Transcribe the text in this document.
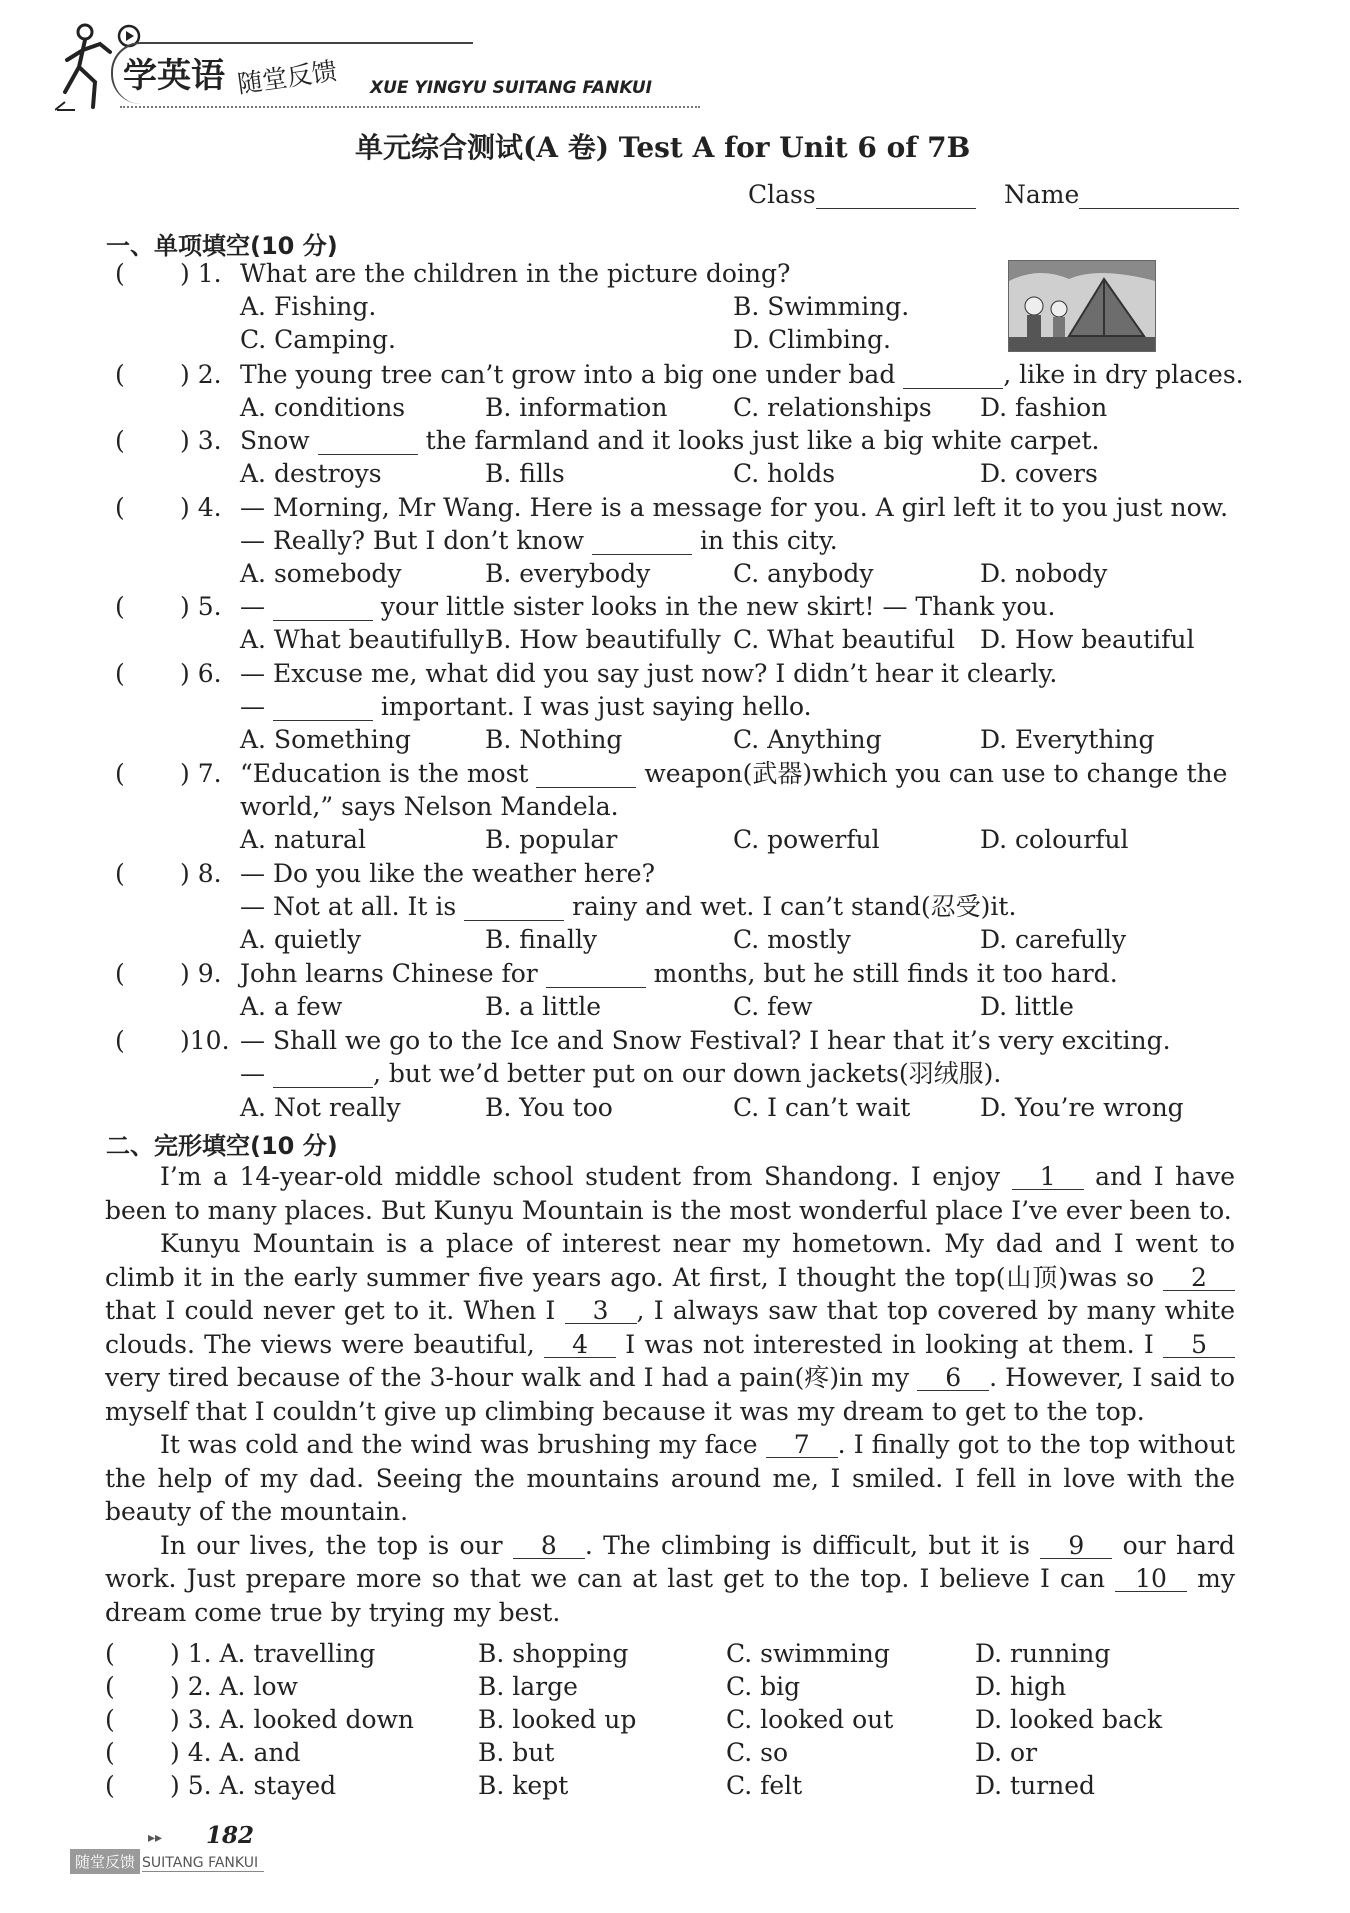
学英语 随堂反馈 XUE YINGYU SUITANG FANKUI
单元综合测试(A 卷) Test A for Unit 6 of 7B
Class	Name
一、单项填空(10 分)
( ) 1. What are the children in the picture doing?
A. Fishing.	B. Swimming.
C. Camping.	D. Climbing.
( ) 2. The young tree can’t grow into a big one under bad	, like in dry places.
A. conditions	B. information	C. relationships D. fashion
( ) 3. Snow	the farmland and it looks just like a big white carpet.
A. destroys	B. fills	C. holds	D. covers
( ) 4. — Morning, Mr Wang. Here is a message for you. A girl left it to you just now.
— Really? But I don’t know	in this city.
A. somebody	B. everybody	C. anybody	D. nobody
( ) 5. —	your little sister looks in the new skirt! — Thank you.
A. What beautifully B. How beautifully C. What beautiful D. How beautiful
( ) 6. — Excuse me, what did you say just now? I didn’t hear it clearly.
—	important. I was just saying hello.
A. Something	B. Nothing	C. Anything	D. Everything
( ) 7. “Education is the most	weapon(武器)which you can use to change the
world,” says Nelson Mandela.
A. natural	B. popular	C. powerful	D. colourful
( ) 8. — Do you like the weather here?
— Not at all. It is	rainy and wet. I can’t stand(忍受)it.
A. quietly	B. finally	C. mostly	D. carefully
( ) 9. John learns Chinese for	months, but he still finds it too hard.
A. a few	B. a little	C. few	D. little
( )10. — Shall we go to the Ice and Snow Festival? I hear that it’s very exciting.
—	, but we’d better put on our down jackets(羽绒服).
A. Not really	B. You too	C. I can’t wait	D. You’re wrong
二、完形填空(10 分)

I’m a 14-year-old middle school student from Shandong. I enjoy 1 and I have been to many places. But Kunyu Mountain is the most wonderful place I’ve ever been to.

Kunyu Mountain is a place of interest near my hometown. My dad and I went to climb it in the early summer five years ago. At first, I thought the top(山顶)was so 2 that I could never get to it. When I 3 , I always saw that top covered by many white clouds. The views were beautiful, 4 I was not interested in looking at them. I 5 very tired because of the 3-hour walk and I had a pain(疼)in my 6 . However, I said to myself that I couldn’t give up climbing because it was my dream to get to the top.

It was cold and the wind was brushing my face 7 . I finally got to the top without the help of my dad. Seeing the mountains around me, I smiled. I fell in love with the beauty of the mountain.

In our lives, the top is our 8 . The climbing is difficult, but it is 9 our hard work. Just prepare more so that we can at last get to the top. I believe I can 10 my dream come true by trying my best.

( ) 1. A. travelling	B. shopping	C. swimming	D. running
( ) 2. A. low	B. large	C. big	D. high
( ) 3. A. looked down	B. looked up	C. looked out	D. looked back
( ) 4. A. and	B. but	C. so	D. or
( ) 5. A. stayed	B. kept	C. felt	D. turned
▸▸ 182
随堂反馈 SUITANG FANKUI
